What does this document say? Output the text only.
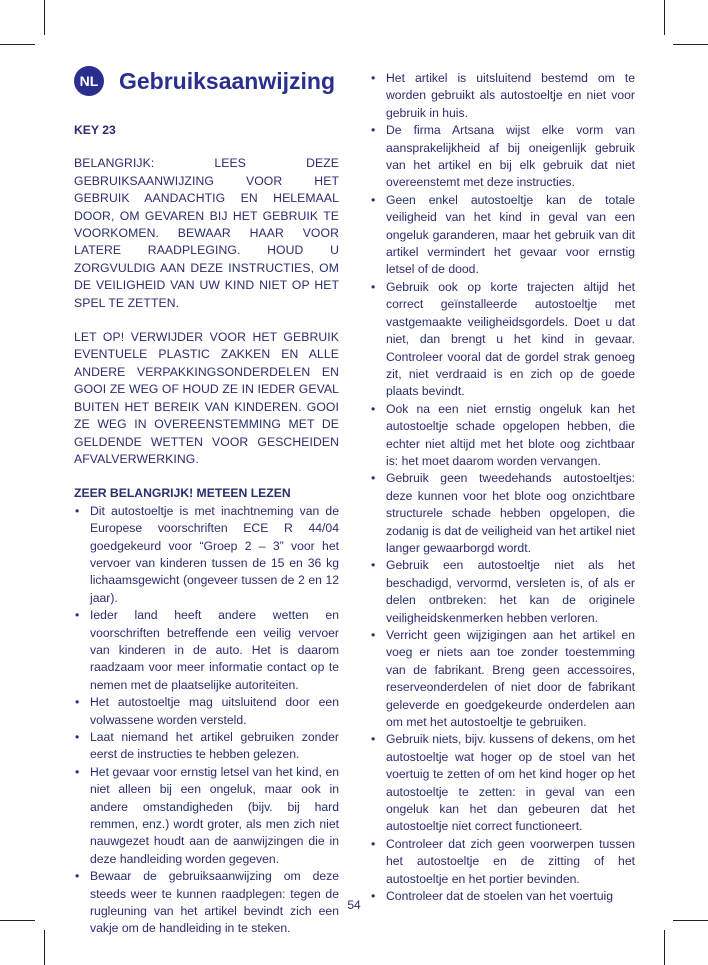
NL Gebruiksaanwijzing

KEY 23

BELANGRIJK: LEES DEZE GEBRUIKSAANWIJZING VOOR HET GEBRUIK AANDACHTIG EN HELEMAAL DOOR, OM GEVAREN BIJ HET GEBRUIK TE VOORKOMEN. BEWAAR HAAR VOOR LATERE RAADPLEGING. HOUD U ZORGVULDIG AAN DEZE INSTRUCTIES, OM DE VEILIGHEID VAN UW KIND NIET OP HET SPEL TE ZETTEN.

LET OP! VERWIJDER VOOR HET GEBRUIK EVENTUELE PLASTIC ZAKKEN EN ALLE ANDERE VERPAKKINGSONDERDELEN EN GOOI ZE WEG OF HOUD ZE IN IEDER GEVAL BUITEN HET BEREIK VAN KINDEREN. GOOI ZE WEG IN OVEREENSTEMMING MET DE GELDENDE WETTEN VOOR GESCHEIDEN AFVALVERWERKING.

ZEER BELANGRIJK! METEEN LEZEN

• Dit autostoeltje is met inachtneming van de Europese voorschriften ECE R 44/04 goedgekeurd voor “Groep 2 – 3” voor het vervoer van kinderen tussen de 15 en 36 kg lichaamsgewicht (ongeveer tussen de 2 en 12 jaar).
• Ieder land heeft andere wetten en voorschriften betreffende een veilig vervoer van kinderen in de auto. Het is daarom raadzaam voor meer informatie contact op te nemen met de plaatselijke autoriteiten.
• Het autostoeltje mag uitsluitend door een volwassene worden versteld.
• Laat niemand het artikel gebruiken zonder eerst de instructies te hebben gelezen.
• Het gevaar voor ernstig letsel van het kind, en niet alleen bij een ongeluk, maar ook in andere omstandigheden (bijv. bij hard remmen, enz.) wordt groter, als men zich niet nauwgezet houdt aan de aanwijzingen die in deze handleiding worden gegeven.
• Bewaar de gebruiksaanwijzing om deze steeds weer te kunnen raadplegen: tegen de rugleuning van het artikel bevindt zich een vakje om de handleiding in te steken.
• Het artikel is uitsluitend bestemd om te worden gebruikt als autostoeltje en niet voor gebruik in huis.
• De firma Artsana wijst elke vorm van aansprakelijkheid af bij oneigenlijk gebruik van het artikel en bij elk gebruik dat niet overeenstemt met deze instructies.
• Geen enkel autostoeltje kan de totale veiligheid van het kind in geval van een ongeluk garanderen, maar het gebruik van dit artikel vermindert het gevaar voor ernstig letsel of de dood.
• Gebruik ook op korte trajecten altijd het correct geïnstalleerde autostoeltje met vastgemaakte veiligheidsgordels. Doet u dat niet, dan brengt u het kind in gevaar. Controleer vooral dat de gordel strak genoeg zit, niet verdraaid is en zich op de goede plaats bevindt.
• Ook na een niet ernstig ongeluk kan het autostoeltje schade opgelopen hebben, die echter niet altijd met het blote oog zichtbaar is: het moet daarom worden vervangen.
• Gebruik geen tweedehands autostoeltjes: deze kunnen voor het blote oog onzichtbare structurele schade hebben opgelopen, die zodanig is dat de veiligheid van het artikel niet langer gewaarborgd wordt.
• Gebruik een autostoeltje niet als het beschadigd, vervormd, versleten is, of als er delen ontbreken: het kan de originele veiligheidskenmerken hebben verloren.
• Verricht geen wijzigingen aan het artikel en voeg er niets aan toe zonder toestemming van de fabrikant. Breng geen accessoires, reserveonderdelen of niet door de fabrikant geleverde en goedgekeurde onderdelen aan om met het autostoeltje te gebruiken.
• Gebruik niets, bijv. kussens of dekens, om het autostoeltje wat hoger op de stoel van het voertuig te zetten of om het kind hoger op het autostoeltje te zetten: in geval van een ongeluk kan het dan gebeuren dat het autostoeltje niet correct functioneert.
• Controleer dat zich geen voorwerpen tussen het autostoeltje en de zitting of het autostoeltje en het portier bevinden.
• Controleer dat de stoelen van het voertuig
54
